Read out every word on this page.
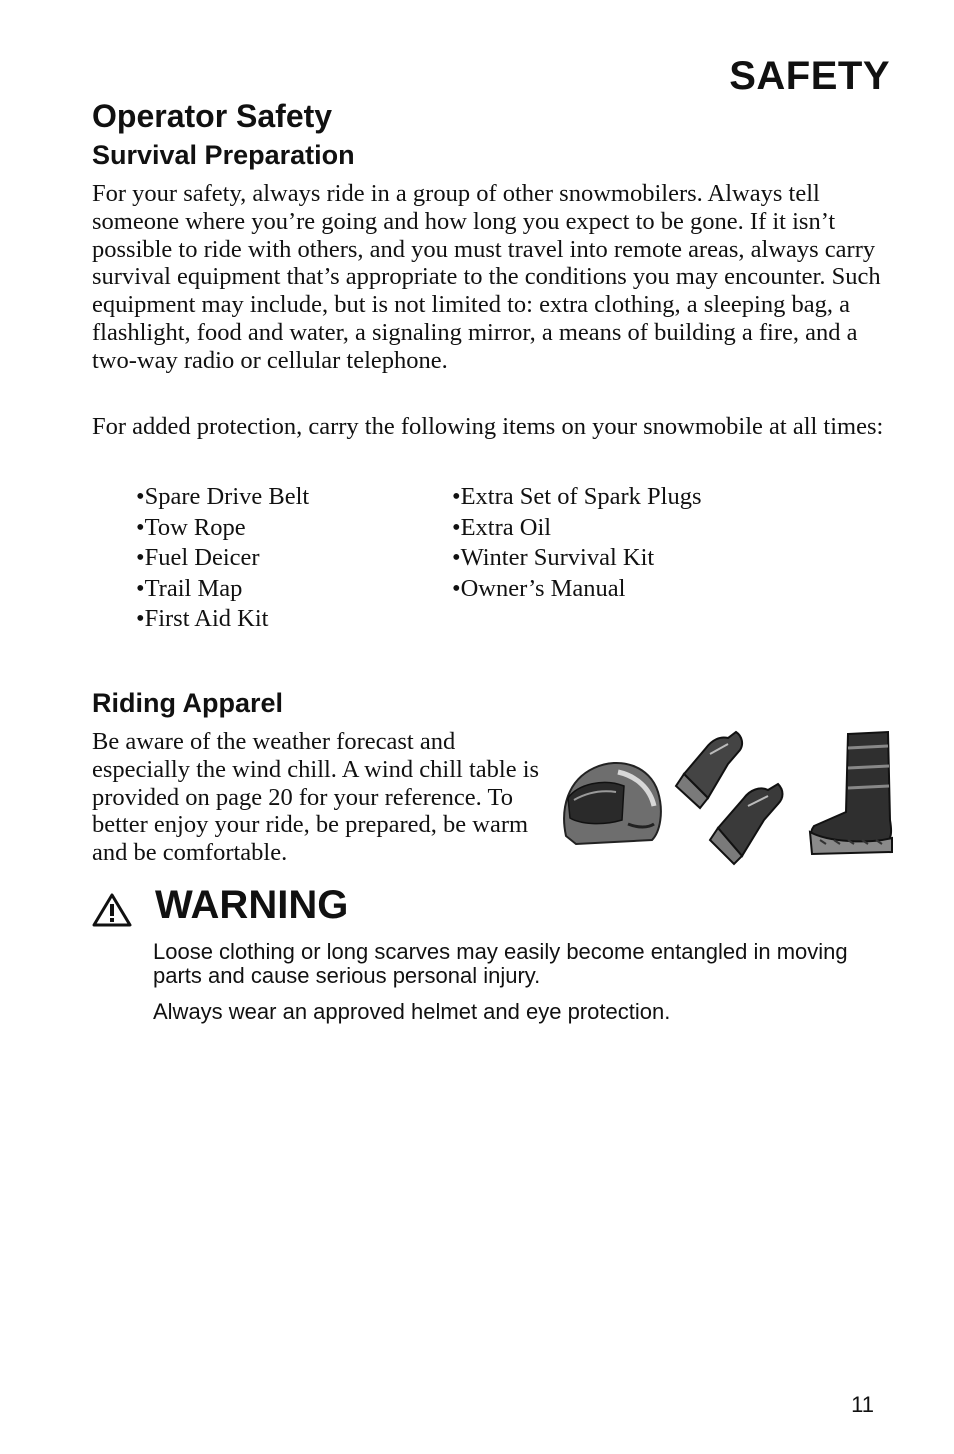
SAFETY
Operator Safety
Survival Preparation

For your safety, always ride in a group of other snowmobilers. Always tell someone where you’re going and how long you expect to be gone. If it isn’t possible to ride with others, and you must travel into remote areas, always carry survival equipment that’s appropriate to the conditions you may encounter. Such equipment may include, but is not limited to: extra clothing, a sleeping bag, a flashlight, food and water, a signaling mirror, a means of building a fire, and a two-way radio or cellular telephone.

For added protection, carry the following items on your snowmobile at all times:

•Spare Drive Belt	•Extra Set of Spark Plugs
•Tow Rope	•Extra Oil
•Fuel Deicer	•Winter Survival Kit
•Trail Map	•Owner’s Manual
•First Aid Kit
Riding Apparel

Be aware of the weather forecast and especially the wind chill. A wind chill table is provided on page 20 for your reference. To better enjoy your ride, be prepared, be warm and be comfortable.

WARNING

Loose clothing or long scarves may easily become entangled in moving parts and cause serious personal injury.

Always wear an approved helmet and eye protection.

11
